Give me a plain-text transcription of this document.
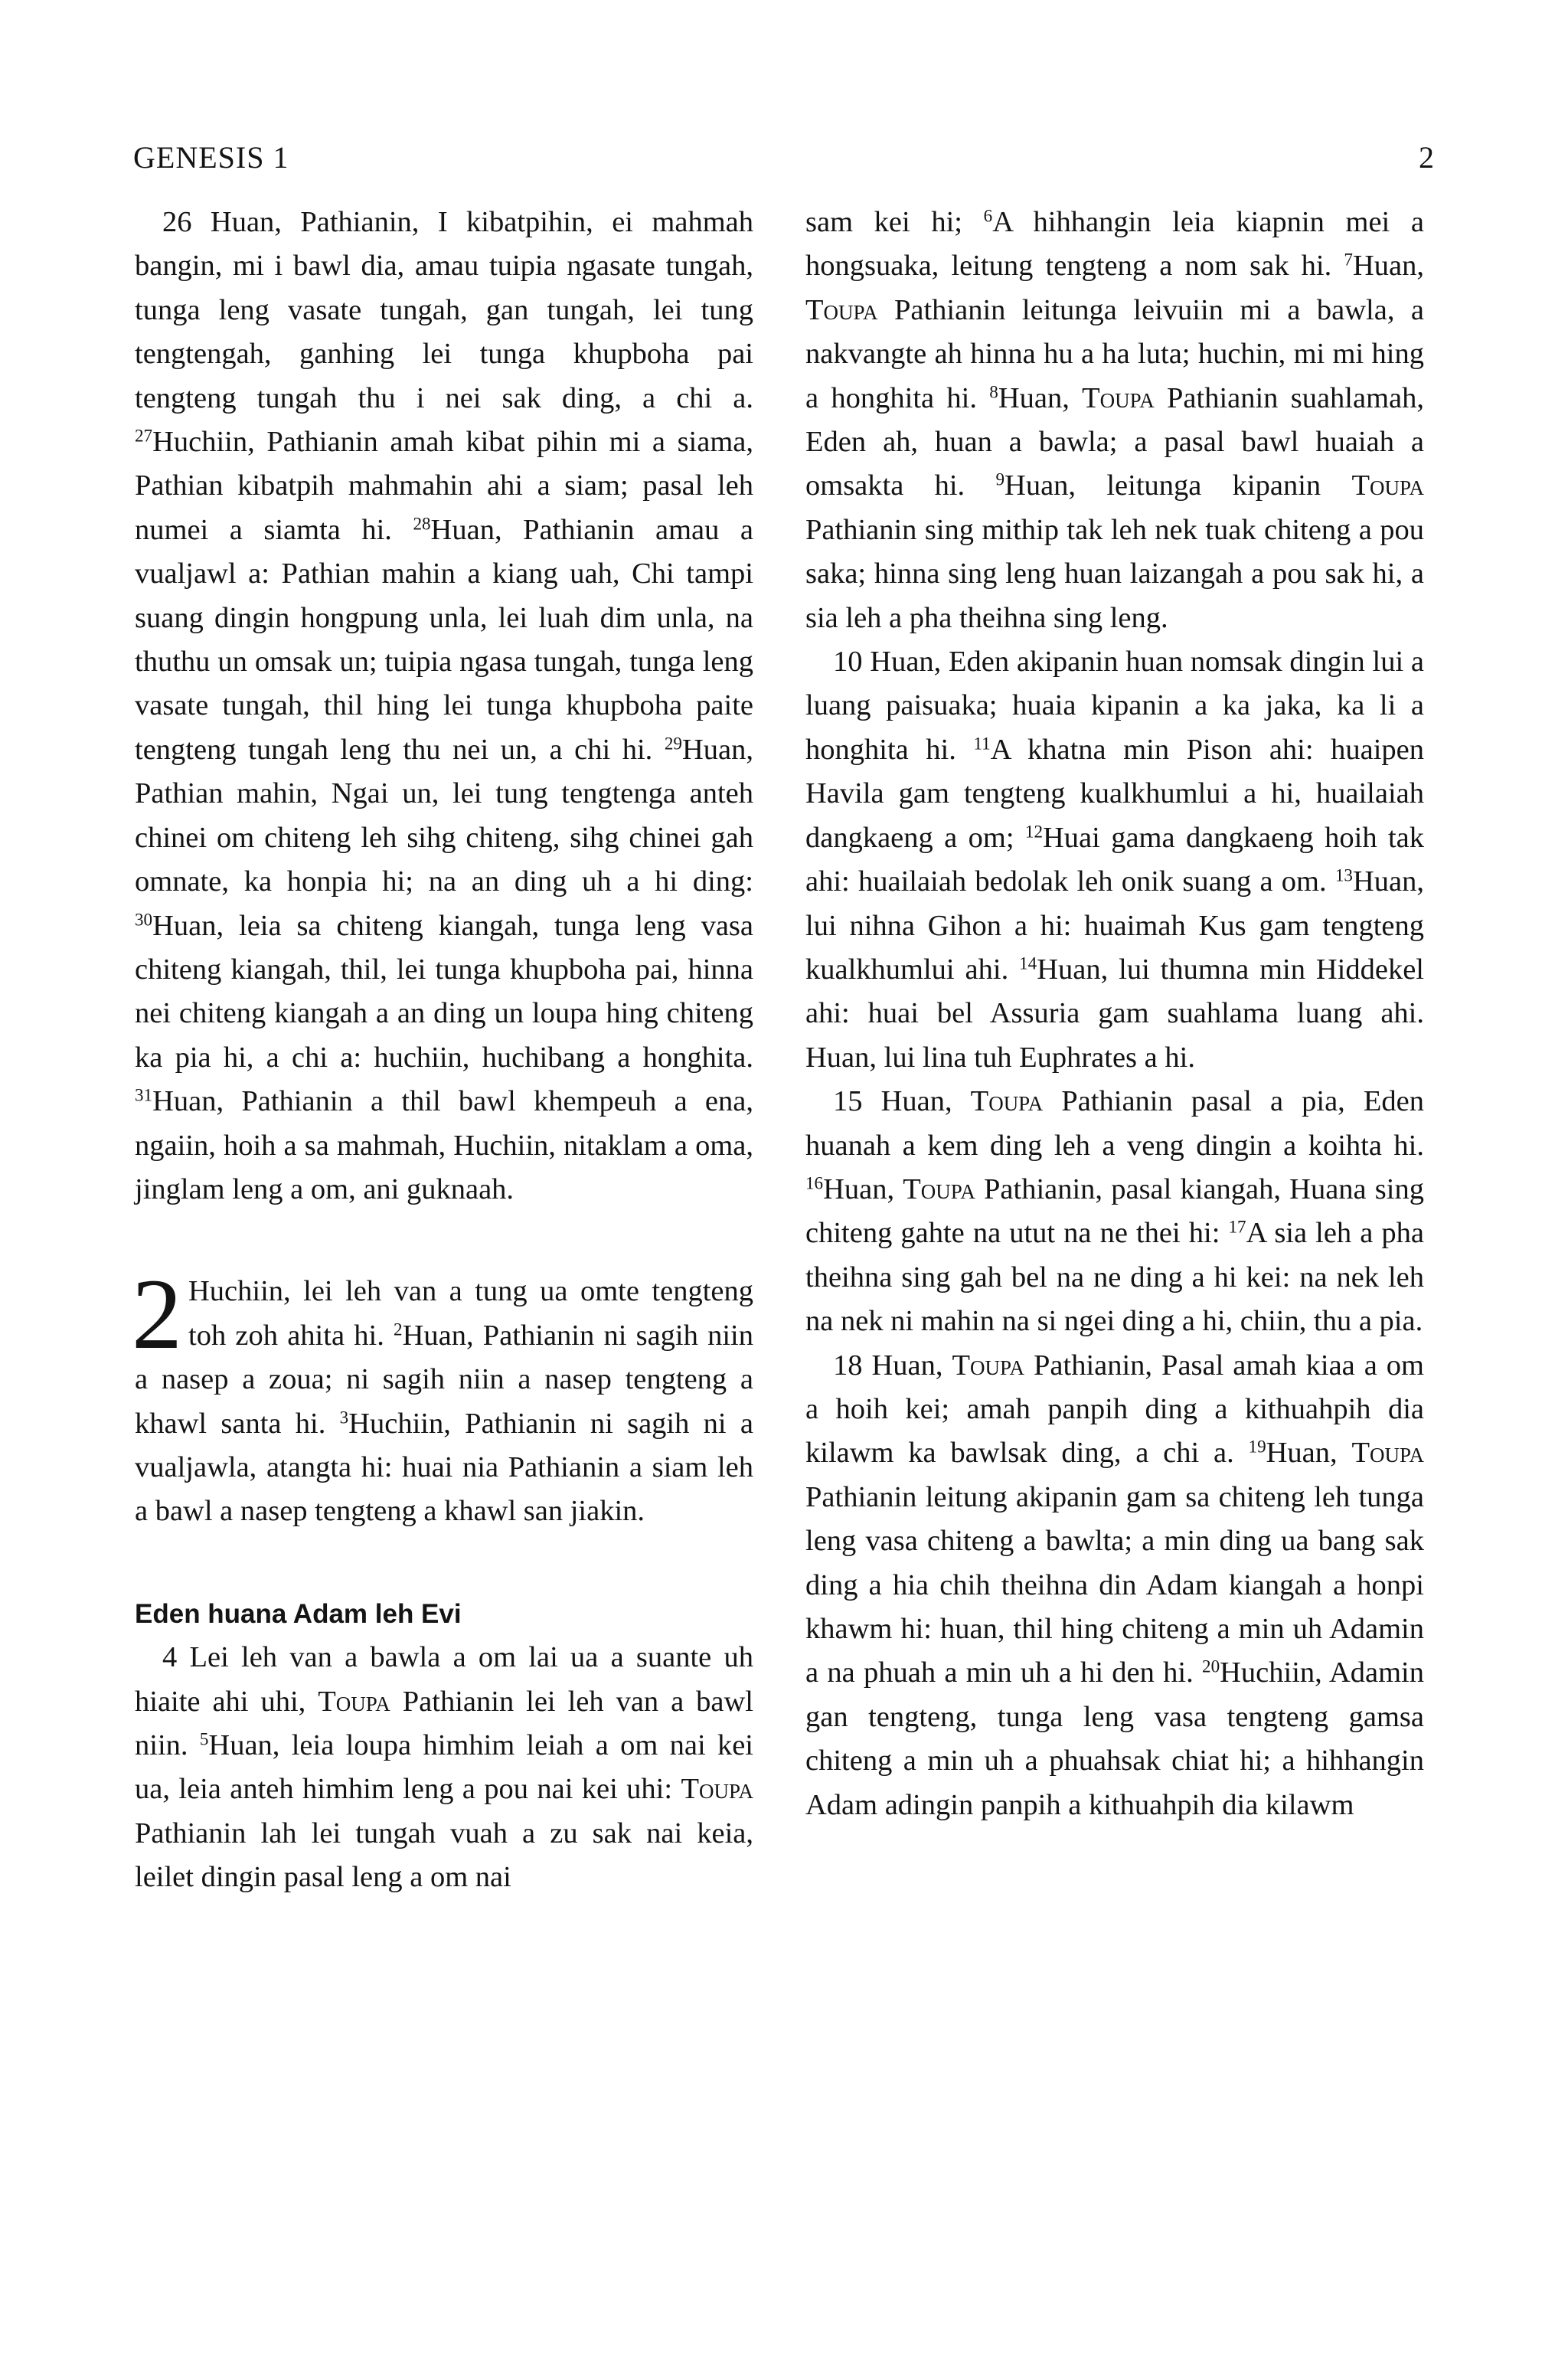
GENESIS 1	2

26 Huan, Pathianin, I kibatpihin, ei mahmah bangin, mi i bawl dia, amau tuipia ngasate tungah, tunga leng vasate tungah, gan tungah, lei tung tengtengah, ganhing lei tunga khupboha pai tengteng tungah thu i nei sak ding, a chi a. $^{27}$Huchiin, Pathianin amah kibat pihin mi a siama, Pathian kibatpih mahmahin ahi a siam; pasal leh numei a siamta hi. $^{28}$Huan, Pathianin amau a vualjawl a: Pathian mahin a kiang uah, Chi tampi suang dingin hongpung unla, lei luah dim unla, na thuthu un omsak un; tuipia ngasa tungah, tunga leng vasate tungah, thil hing lei tunga khupboha paite tengteng tungah leng thu nei un, a chi hi. $^{29}$Huan, Pathian mahin, Ngai un, lei tung tengtenga anteh chinei om chiteng leh sihg chiteng, sihg chinei gah omnate, ka honpia hi; na an ding uh a hi ding: $^{30}$Huan, leia sa chiteng kiangah, tunga leng vasa chiteng kiangah, thil, lei tunga khupboha pai, hinna nei chiteng kiangah a an ding un loupa hing chiteng ka pia hi, a chi a: huchiin, huchibang a honghita. $^{31}$Huan, Pathianin a thil bawl khempeuh a ena, ngaiin, hoih a sa mahmah, Huchiin, nitaklam a oma, jinglam leng a om, ani guknaah.

2 Huchiin, lei leh van a tung ua omte tengteng toh zoh ahita hi. $^2$Huan, Pathianin ni sagih niin a nasep a zoua; ni sagih niin a nasep tengteng a khawl santa hi. $^3$Huchiin, Pathianin ni sagih ni a vualjawla, atangta hi: huai nia Pathianin a siam leh a bawl a nasep tengteng a khawl san jiakin.

Eden huana Adam leh Evi

4 Lei leh van a bawla a om lai ua a suante uh hiaite ahi uhi, Toupa Pathianin lei leh van a bawl niin. $^5$Huan, leia loupa himhim leiah a om nai kei ua, leia anteh himhim leng a pou nai kei uhi: Toupa Pathianin lah lei tungah vuah a zu sak nai keia, leilet dingin pasal leng a om nai

sam kei hi; $^6$A hihhangin leia kiapnin mei a hongsuaka, leitung tengteng a nom sak hi. $^7$Huan, Toupa Pathianin leitunga leivuiin mi a bawla, a nakvangte ah hinna hu a ha luta; huchin, mi mi hing a honghita hi. $^8$Huan, Toupa Pathianin suahlamah, Eden ah, huan a bawla; a pasal bawl huaiah a omsakta hi. $^9$Huan, leitunga kipanin Toupa Pathianin sing mithip tak leh nek tuak chiteng a pou saka; hinna sing leng huan laizangah a pou sak hi, a sia leh a pha theihna sing leng.

10 Huan, Eden akipanin huan nomsak dingin lui a luang paisuaka; huaia kipanin a ka jaka, ka li a honghita hi. $^{11}$A khatna min Pison ahi: huaipen Havila gam tengteng kualkhumlui a hi, huailaiah dangkaeng a om; $^{12}$Huai gama dangkaeng hoih tak ahi: huailaiah bedolak leh onik suang a om. $^{13}$Huan, lui nihna Gihon a hi: huaimah Kus gam tengteng kualkhumlui ahi. $^{14}$Huan, lui thumna min Hiddekel ahi: huai bel Assuria gam suahlama luang ahi. Huan, lui lina tuh Euphrates a hi.

15 Huan, Toupa Pathianin pasal a pia, Eden huanah a kem ding leh a veng dingin a koihta hi. $^{16}$Huan, Toupa Pathianin, pasal kiangah, Huana sing chiteng gahte na utut na ne thei hi: $^{17}$A sia leh a pha theihna sing gah bel na ne ding a hi kei: na nek leh na nek ni mahin na si ngei ding a hi, chiin, thu a pia.

18 Huan, Toupa Pathianin, Pasal amah kiaa a om a hoih kei; amah panpih ding a kithuahpih dia kilawm ka bawlsak ding, a chi a. $^{19}$Huan, Toupa Pathianin leitung akipanin gam sa chiteng leh tunga leng vasa chiteng a bawlta; a min ding ua bang sak ding a hia chih theihna din Adam kiangah a honpi khawm hi: huan, thil hing chiteng a min uh Adamin a na phuah a min uh a hi den hi. $^{20}$Huchiin, Adamin gan tengteng, tunga leng vasa tengteng gamsa chiteng a min uh a phuahsak chiat hi; a hihhangin Adam adingin panpih a kithuahpih dia kilawm
